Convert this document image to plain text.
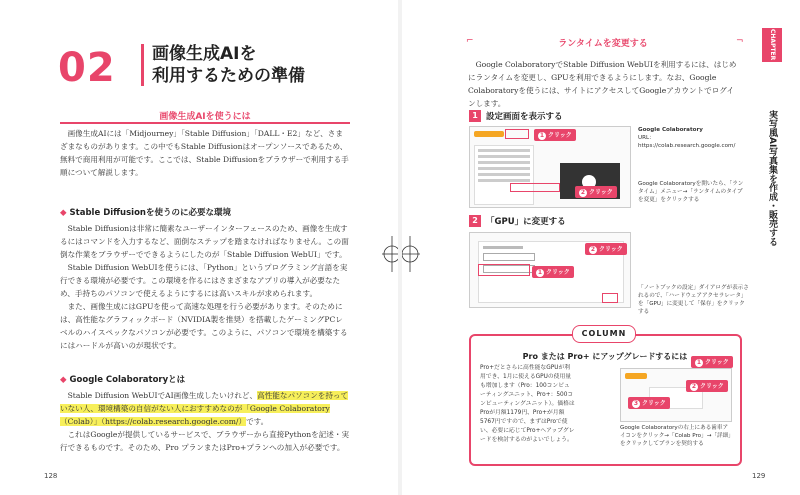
02 画像生成AIを
利用するための準備
画像生成AIを使うには

画像生成AIには「Midjourney」「Stable Diffusion」「DALL・E2」など、さまざまなものがあります。この中でもStable Diffusionはオープンソースであるため、無料で商用利用が可能です。ここでは、Stable Diffusionをブラウザーで利用する手順について解説します。

◆ Stable Diffusionを使うのに必要な環境

Stable Diffusionは非常に簡素なユーザーインターフェースのため、画像を生成するにはコマンドを入力するなど、面倒なステップを踏まなければなりません。この面倒な作業をブラウザーでできるようにしたのが「Stable Diffusion WebUI」です。

Stable Diffusion WebUIを使うには、「Python」というプログラミング言語を実行できる環境が必要です。この環境を作るにはさまざまなアプリの導入が必要なため、手持ちのパソコンで使えるようにするには高いスキルが求められます。

また、画像生成にはGPUを使って高速な処理を行う必要があります。そのためには、高性能なグラフィックボード（NVIDIA製を推奨）を搭載したゲーミングPCレベルのハイスペックなパソコンが必要です。このように、パソコンで環境を構築するにはハードルが高いのが現状です。

◆ Google Colaboratoryとは

Stable Diffusion WebUIでAI画像生成したいけれど、高性能なパソコンを持っていない人、環境構築の自信がない人におすすめなのが「Google Colaboratory（Colab）」（https://colab.research.google.com/）です。

これはGoogleが提供しているサービスで、ブラウザーから直接Pythonを記述・実行できるものです。そのため、Pro プランまたはPro+プランへの加入が必要です。

128
ランタイムを変更する
⌐	¬

Google ColaboratoryでStable Diffusion WebUIを利用するには、はじめにランタイムを変更し、GPUを利用できるようにします。なお、Google Colaboratoryを使うには、サイトにアクセスしてGoogleアカウントでログインします。

1 設定画面を表示する
1 クリック
2 クリック
Google Colaboratory
URL：https://colab.research.google.com/
Google Colaboratoryを開いたら、「ランタイム」メニュー→「ランタイムのタイプを変更」をクリックする
2 「GPU」に変更する
1 クリック
2 クリック
「ノートブックの設定」ダイアログが表示されるので、「ハードウェアアクセラレータ」を「GPU」に変更して「保存」をクリックする
COLUMN
Pro または Pro+ にアップグレードするには
Pro+だとさらに高性能なGPUが利用でき、1月に使えるGPUの使用量も増加します（Pro：100コンピューティングユニット、Pro+：500コンピューティングユニット）。価格はProが月額1179円、Pro+が月額5767円ですので、まずはProで使い、必要に応じてPro+へアップグレードを検討するのがよいでしょう。
1 クリック
2 クリック
3 クリック
Google Colaboratoryの右上にある歯車アイコンをクリック→「Colab Pro」→「詳細」をクリックしてプランを契約する
CHAPTER 6
実写風AI写真集を作成・販売する
129
